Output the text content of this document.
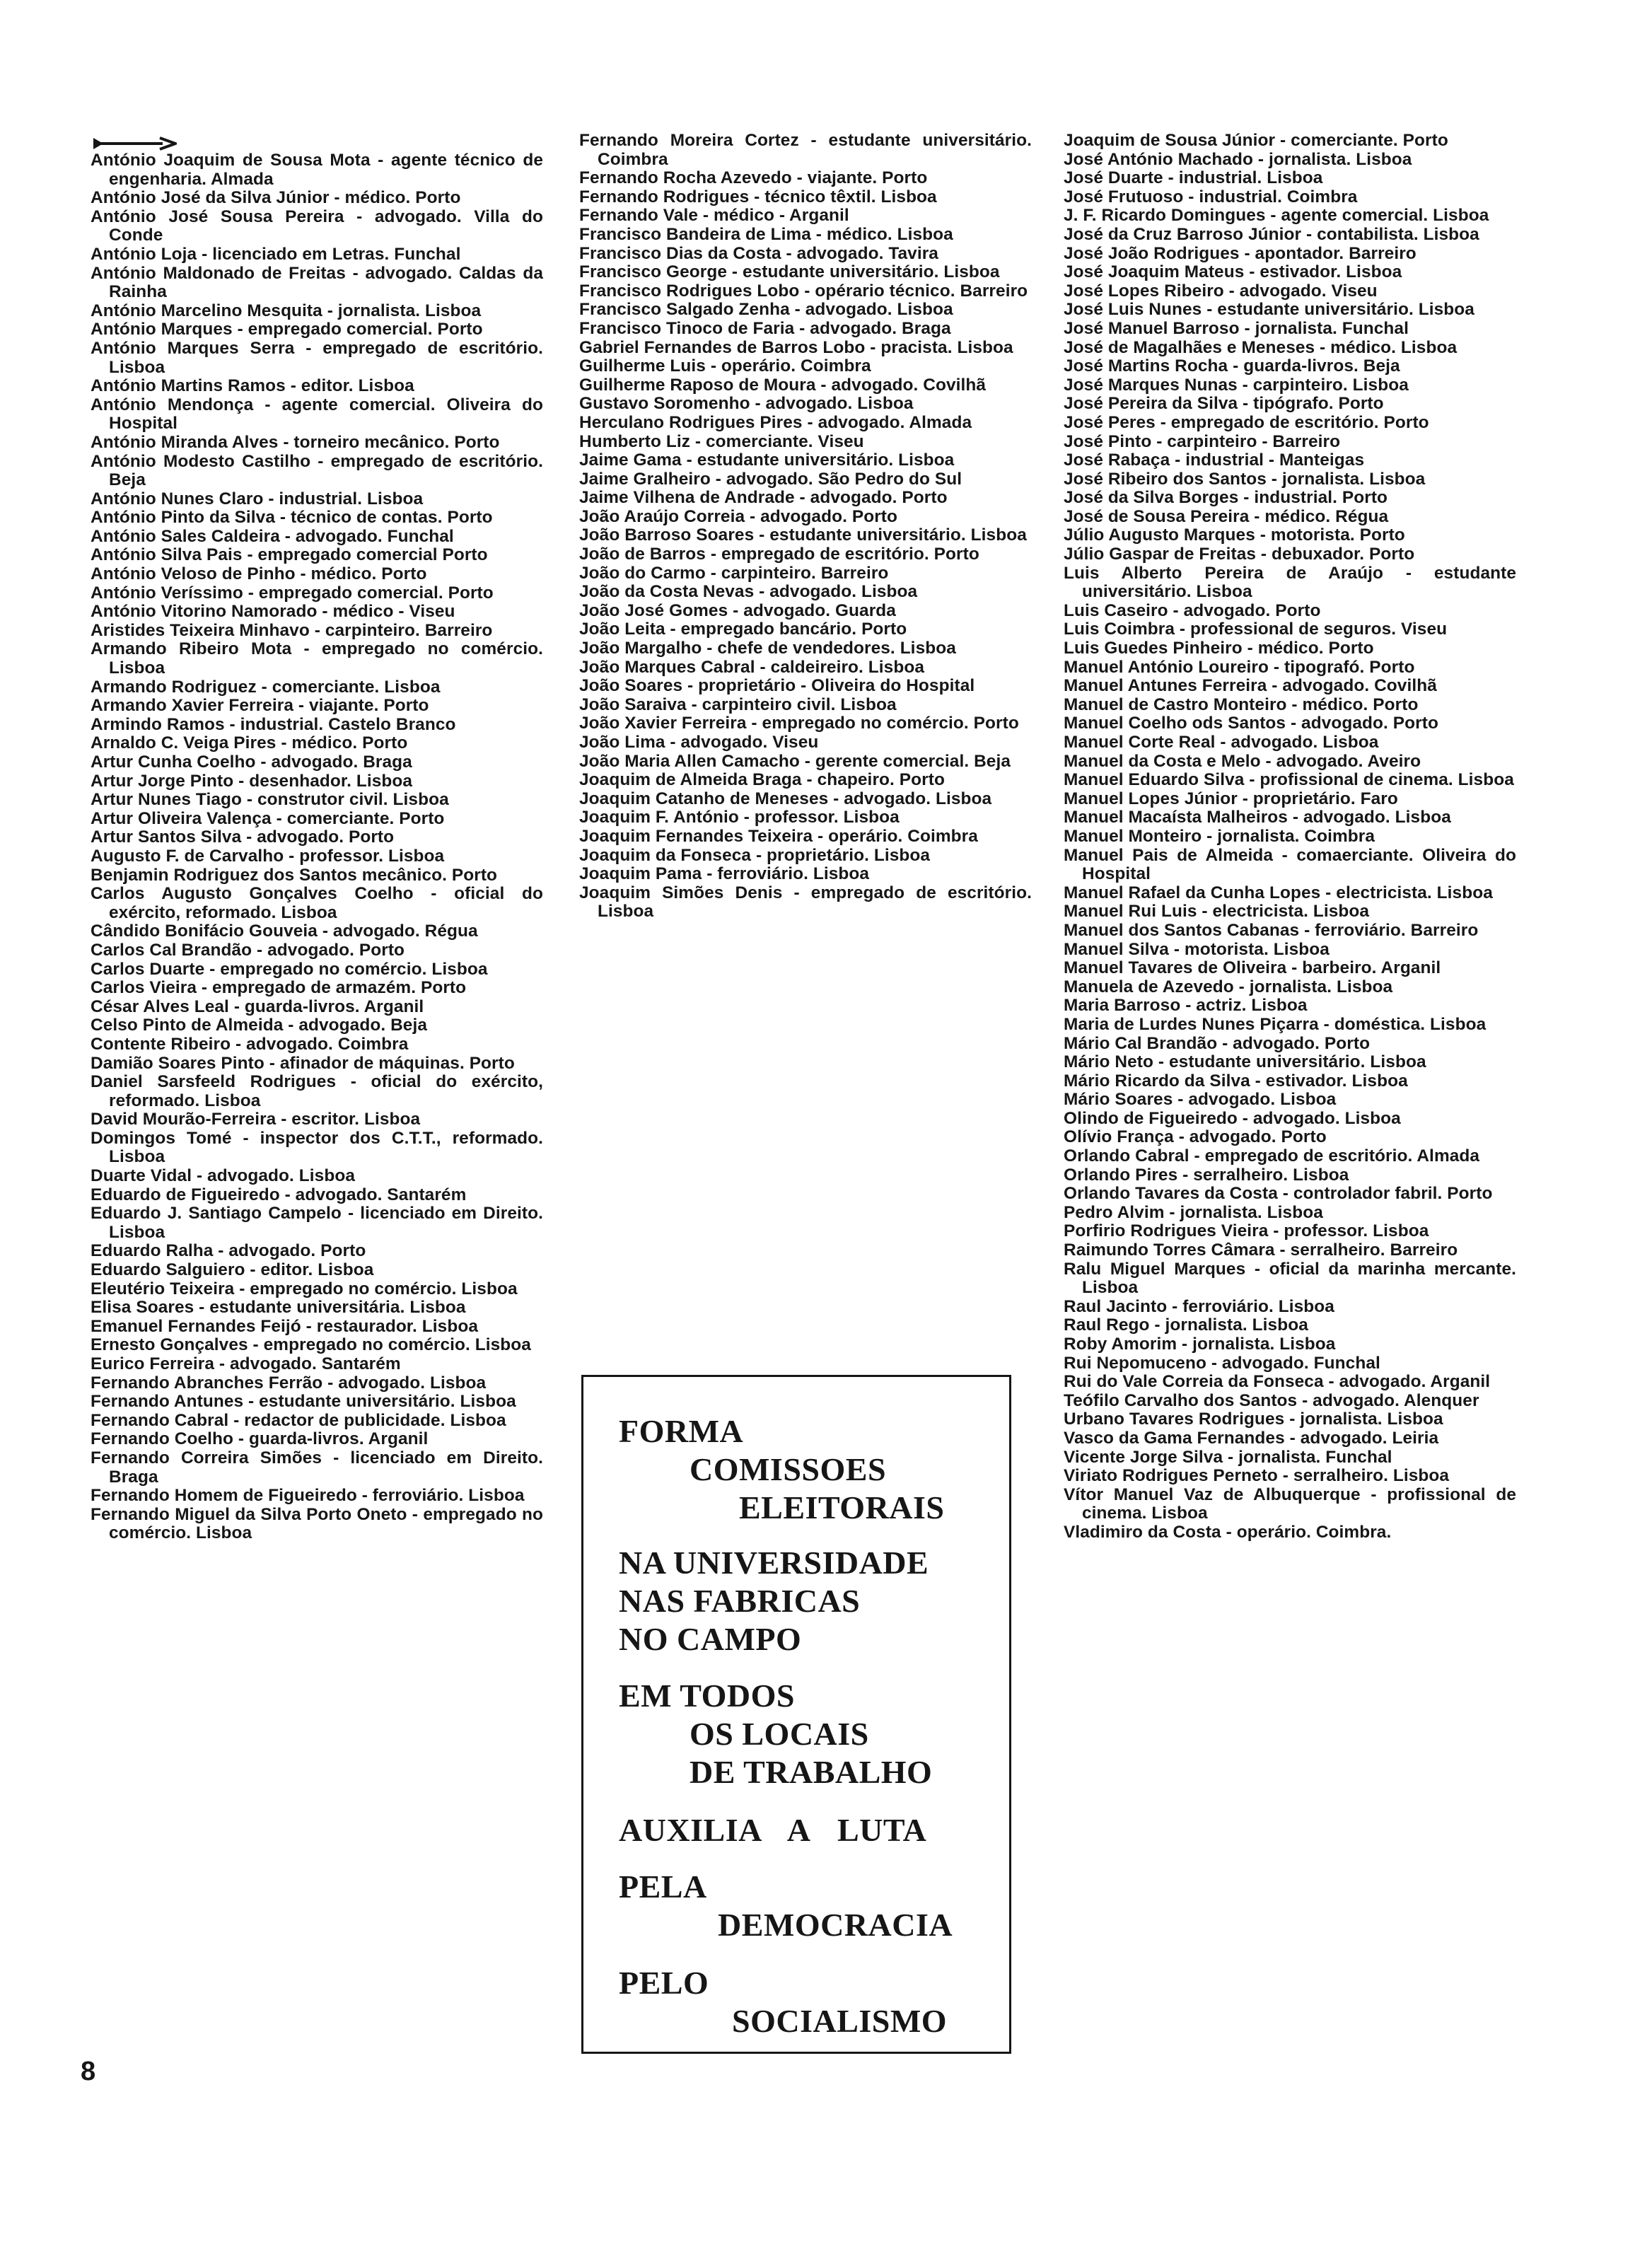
António Joaquim de Sousa Mota - agente técnico de engenharia. Almada

António José da Silva Júnior - médico. Porto

António José Sousa Pereira - advogado. Villa do Conde

António Loja - licenciado em Letras. Funchal

António Maldonado de Freitas - advogado. Caldas da Rainha

António Marcelino Mesquita - jornalista. Lisboa

António Marques - empregado comercial. Porto

António Marques Serra - empregado de escritório. Lisboa

António Martins Ramos - editor. Lisboa

António Mendonça - agente comercial. Oliveira do Hospital

António Miranda Alves - torneiro mecânico. Porto

António Modesto Castilho - empregado de escritório. Beja

António Nunes Claro - industrial. Lisboa

António Pinto da Silva - técnico de contas. Porto

António Sales Caldeira - advogado. Funchal

António Silva Pais - empregado comercial Porto

António Veloso de Pinho - médico. Porto

António Veríssimo - empregado comercial. Porto

António Vitorino Namorado - médico - Viseu

Aristides Teixeira Minhavo - carpinteiro. Barreiro

Armando Ribeiro Mota - empregado no comércio. Lisboa

Armando Rodriguez - comerciante. Lisboa

Armando Xavier Ferreira - viajante. Porto

Armindo Ramos - industrial. Castelo Branco

Arnaldo C. Veiga Pires - médico. Porto

Artur Cunha Coelho - advogado. Braga

Artur Jorge Pinto - desenhador. Lisboa

Artur Nunes Tiago - construtor civil. Lisboa

Artur Oliveira Valença - comerciante. Porto

Artur Santos Silva - advogado. Porto

Augusto F. de Carvalho - professor. Lisboa

Benjamin Rodriguez dos Santos mecânico. Porto

Carlos Augusto Gonçalves Coelho - oficial do exército, reformado. Lisboa

Cândido Bonifácio Gouveia - advogado. Régua

Carlos Cal Brandão - advogado. Porto

Carlos Duarte - empregado no comércio. Lisboa

Carlos Vieira - empregado de armazém. Porto

César Alves Leal - guarda-livros. Arganil

Celso Pinto de Almeida - advogado. Beja

Contente Ribeiro - advogado. Coimbra

Damião Soares Pinto - afinador de máquinas. Porto

Daniel Sarsfeeld Rodrigues - oficial do exército, reformado. Lisboa

David Mourão-Ferreira - escritor. Lisboa

Domingos Tomé - inspector dos C.T.T., reformado. Lisboa

Duarte Vidal - advogado. Lisboa

Eduardo de Figueiredo - advogado. Santarém

Eduardo J. Santiago Campelo - licenciado em Direito. Lisboa

Eduardo Ralha - advogado. Porto

Eduardo Salguiero - editor. Lisboa

Eleutério Teixeira - empregado no comércio. Lisboa

Elisa Soares - estudante universitária. Lisboa

Emanuel Fernandes Feijó - restaurador. Lisboa

Ernesto Gonçalves - empregado no comércio. Lisboa

Eurico Ferreira - advogado. Santarém

Fernando Abranches Ferrão - advogado. Lisboa

Fernando Antunes - estudante universitário. Lisboa

Fernando Cabral - redactor de publicidade. Lisboa

Fernando Coelho - guarda-livros. Arganil

Fernando Correira Simões - licenciado em Direito. Braga

Fernando Homem de Figueiredo - ferroviário. Lisboa

Fernando Miguel da Silva Porto Oneto - empregado no comércio. Lisboa

Fernando Moreira Cortez - estudante universitário. Coimbra

Fernando Rocha Azevedo - viajante. Porto

Fernando Rodrigues - técnico têxtil. Lisboa

Fernando Vale - médico - Arganil

Francisco Bandeira de Lima - médico. Lisboa

Francisco Dias da Costa - advogado. Tavira

Francisco George - estudante universitário. Lisboa

Francisco Rodrigues Lobo - opérario técnico. Barreiro

Francisco Salgado Zenha - advogado. Lisboa

Francisco Tinoco de Faria - advogado. Braga

Gabriel Fernandes de Barros Lobo - pracista. Lisboa

Guilherme Luis - operário. Coimbra

Guilherme Raposo de Moura - advogado. Covilhã

Gustavo Soromenho - advogado. Lisboa

Herculano Rodrigues Pires - advogado. Almada

Humberto Liz - comerciante. Viseu

Jaime Gama - estudante universitário. Lisboa

Jaime Gralheiro - advogado. São Pedro do Sul

Jaime Vilhena de Andrade - advogado. Porto

João Araújo Correia - advogado. Porto

João Barroso Soares - estudante universitário. Lisboa

João de Barros - empregado de escritório. Porto

João do Carmo - carpinteiro. Barreiro

João da Costa Nevas - advogado. Lisboa

João José Gomes - advogado. Guarda

João Leita - empregado bancário. Porto

João Margalho - chefe de vendedores. Lisboa

João Marques Cabral - caldeireiro. Lisboa

João Soares - proprietário - Oliveira do Hospital

João Saraiva - carpinteiro civil. Lisboa

João Xavier Ferreira - empregado no comércio. Porto

João Lima - advogado. Viseu

João Maria Allen Camacho - gerente comercial. Beja

Joaquim de Almeida Braga - chapeiro. Porto

Joaquim Catanho de Meneses - advogado. Lisboa

Joaquim F. António - professor. Lisboa

Joaquim Fernandes Teixeira - operário. Coimbra

Joaquim da Fonseca - proprietário. Lisboa

Joaquim Pama - ferroviário. Lisboa

Joaquim Simões Denis - empregado de escritório. Lisboa

Joaquim de Sousa Júnior - comerciante. Porto

José António Machado - jornalista. Lisboa

José Duarte - industrial. Lisboa

José Frutuoso - industrial. Coimbra

J. F. Ricardo Domingues - agente comercial. Lisboa

José da Cruz Barroso Júnior - contabilista. Lisboa

José João Rodrigues - apontador. Barreiro

José Joaquim Mateus - estivador. Lisboa

José Lopes Ribeiro - advogado. Viseu

José Luis Nunes - estudante universitário. Lisboa

José Manuel Barroso - jornalista. Funchal

José de Magalhães e Meneses - médico. Lisboa

José Martins Rocha - guarda-livros. Beja

José Marques Nunas - carpinteiro. Lisboa

José Pereira da Silva - tipógrafo. Porto

José Peres - empregado de escritório. Porto

José Pinto - carpinteiro - Barreiro

José Rabaça - industrial - Manteigas

José Ribeiro dos Santos - jornalista. Lisboa

José da Silva Borges - industrial. Porto

José de Sousa Pereira - médico. Régua

Júlio Augusto Marques - motorista. Porto

Júlio Gaspar de Freitas - debuxador. Porto

Luis Alberto Pereira de Araújo - estudante universitário. Lisboa

Luis Caseiro - advogado. Porto

Luis Coimbra - professional de seguros. Viseu

Luis Guedes Pinheiro - médico. Porto

Manuel António Loureiro - tipografó. Porto

Manuel Antunes Ferreira - advogado. Covilhã

Manuel de Castro Monteiro - médico. Porto

Manuel Coelho ods Santos - advogado. Porto

Manuel Corte Real - advogado. Lisboa

Manuel da Costa e Melo - advogado. Aveiro

Manuel Eduardo Silva - profissional de cinema. Lisboa

Manuel Lopes Júnior - proprietário. Faro

Manuel Macaísta Malheiros - advogado. Lisboa

Manuel Monteiro - jornalista. Coimbra

Manuel Pais de Almeida - comaerciante. Oliveira do Hospital

Manuel Rafael da Cunha Lopes - electricista. Lisboa

Manuel Rui Luis - electricista. Lisboa

Manuel dos Santos Cabanas - ferroviário. Barreiro

Manuel Silva - motorista. Lisboa

Manuel Tavares de Oliveira - barbeiro. Arganil

Manuela de Azevedo - jornalista. Lisboa

Maria Barroso - actriz. Lisboa

Maria de Lurdes Nunes Piçarra - doméstica. Lisboa

Mário Cal Brandão - advogado. Porto

Mário Neto - estudante universitário. Lisboa

Mário Ricardo da Silva - estivador. Lisboa

Mário Soares - advogado. Lisboa

Olindo de Figueiredo - advogado. Lisboa

Olívio França - advogado. Porto

Orlando Cabral - empregado de escritório. Almada

Orlando Pires - serralheiro. Lisboa

Orlando Tavares da Costa - controlador fabril. Porto

Pedro Alvim - jornalista. Lisboa

Porfirio Rodrigues Vieira - professor. Lisboa

Raimundo Torres Câmara - serralheiro. Barreiro

Ralu Miguel Marques - oficial da marinha mercante. Lisboa

Raul Jacinto - ferroviário. Lisboa

Raul Rego - jornalista. Lisboa

Roby Amorim - jornalista. Lisboa

Rui Nepomuceno - advogado. Funchal

Rui do Vale Correia da Fonseca - advogado. Arganil

Teófilo Carvalho dos Santos - advogado. Alenquer

Urbano Tavares Rodrigues - jornalista. Lisboa

Vasco da Gama Fernandes - advogado. Leiria

Vicente Jorge Silva - jornalista. Funchal

Viriato Rodrigues Perneto - serralheiro. Lisboa

Vítor Manuel Vaz de Albuquerque - profissional de cinema. Lisboa

Vladimiro da Costa - operário. Coimbra.

FORMA
COMISSOES
ELEITORAIS
NA UNIVERSIDADE
NAS FABRICAS
NO CAMPO
EM TODOS
OS LOCAIS
DE TRABALHO
AUXILIA A LUTA
PELA
DEMOCRACIA
PELO
SOCIALISMO
8
